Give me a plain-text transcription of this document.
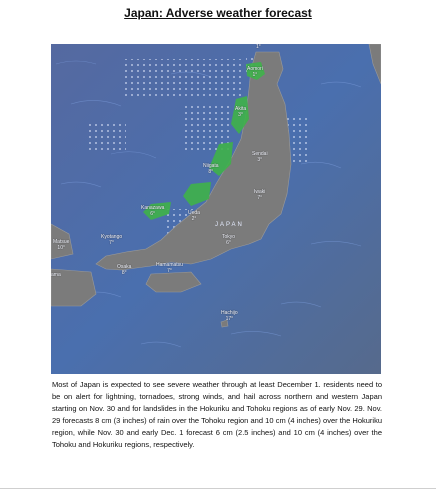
Japan: Adverse weather forecast
JAPAN
1°
Aomori
1°
Akita
3°
Sendai
3°
Niigata
8°
Iwaki
7°
Kanazawa
6°	Ueda
2°
Tokyo
6°
Matsue
10°
Kyotango
7°
Osaka
8°
Hamamatsu
7°
Hachijo
17°
ama
Most of Japan is expected to see severe weather through at least December 1. residents need to be on alert for lightning, tornadoes, strong winds, and hail across northern and western Japan starting on Nov. 30 and for landslides in the Hokuriku and Tohoku regions as of early Nov. 29. Nov. 29 forecasts 8 cm (3 inches) of rain over the Tohoku region and 10 cm (4 inches) over the Hokuriku region, while Nov. 30 and early Dec. 1 forecast 6 cm (2.5 inches) and 10 cm (4 inches) over the Tohoku and Hokuriku regions, respectively.
